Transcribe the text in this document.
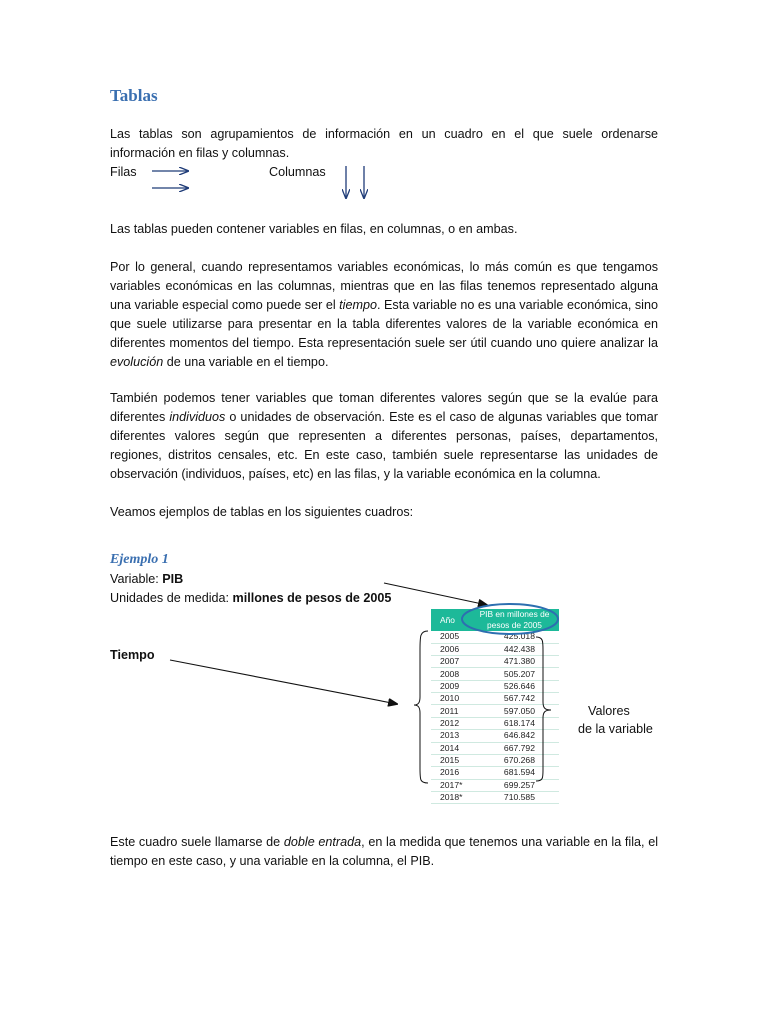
Tablas

Las tablas son agrupamientos de información en un cuadro en el que suele ordenarse información en filas y columnas.

Filas	Columnas

Las tablas pueden contener variables en filas, en columnas, o en ambas.

Por lo general, cuando representamos variables económicas, lo más común es que tengamos variables económicas en las columnas, mientras que en las filas tenemos representado alguna una variable especial como puede ser el tiempo. Esta variable no es una variable económica, sino que suele utilizarse para presentar en la tabla diferentes valores de la variable económica en diferentes momentos del tiempo. Esta representación suele ser útil cuando uno quiere analizar la evolución de una variable en el tiempo.

También podemos tener variables que toman diferentes valores según que se la evalúe para diferentes individuos o unidades de observación. Este es el caso de algunas variables que tomar diferentes valores según que representen a diferentes personas, países, departamentos, regiones, distritos censales, etc. En este caso, también suele representarse las unidades de observación (individuos, países, etc) en las filas, y la variable económica en la columna.

Veamos ejemplos de tablas en los siguientes cuadros:

Ejemplo 1
Variable: PIB
Unidades de medida: millones de pesos de 2005
Tiempo
Valores
de la variable
Año	PIB en millones de
pesos de 2005

2005	425.018
2006	442.438
2007	471.380
2008	505.207
2009	526.646
2010	567.742
2011	597.050
2012	618.174
2013	646.842
2014	667.792
2015	670.268
2016	681.594
2017*	699.257
2018*	710.585

Este cuadro suele llamarse de doble entrada, en la medida que tenemos una variable en la fila, el tiempo en este caso, y una variable en la columna, el PIB.
